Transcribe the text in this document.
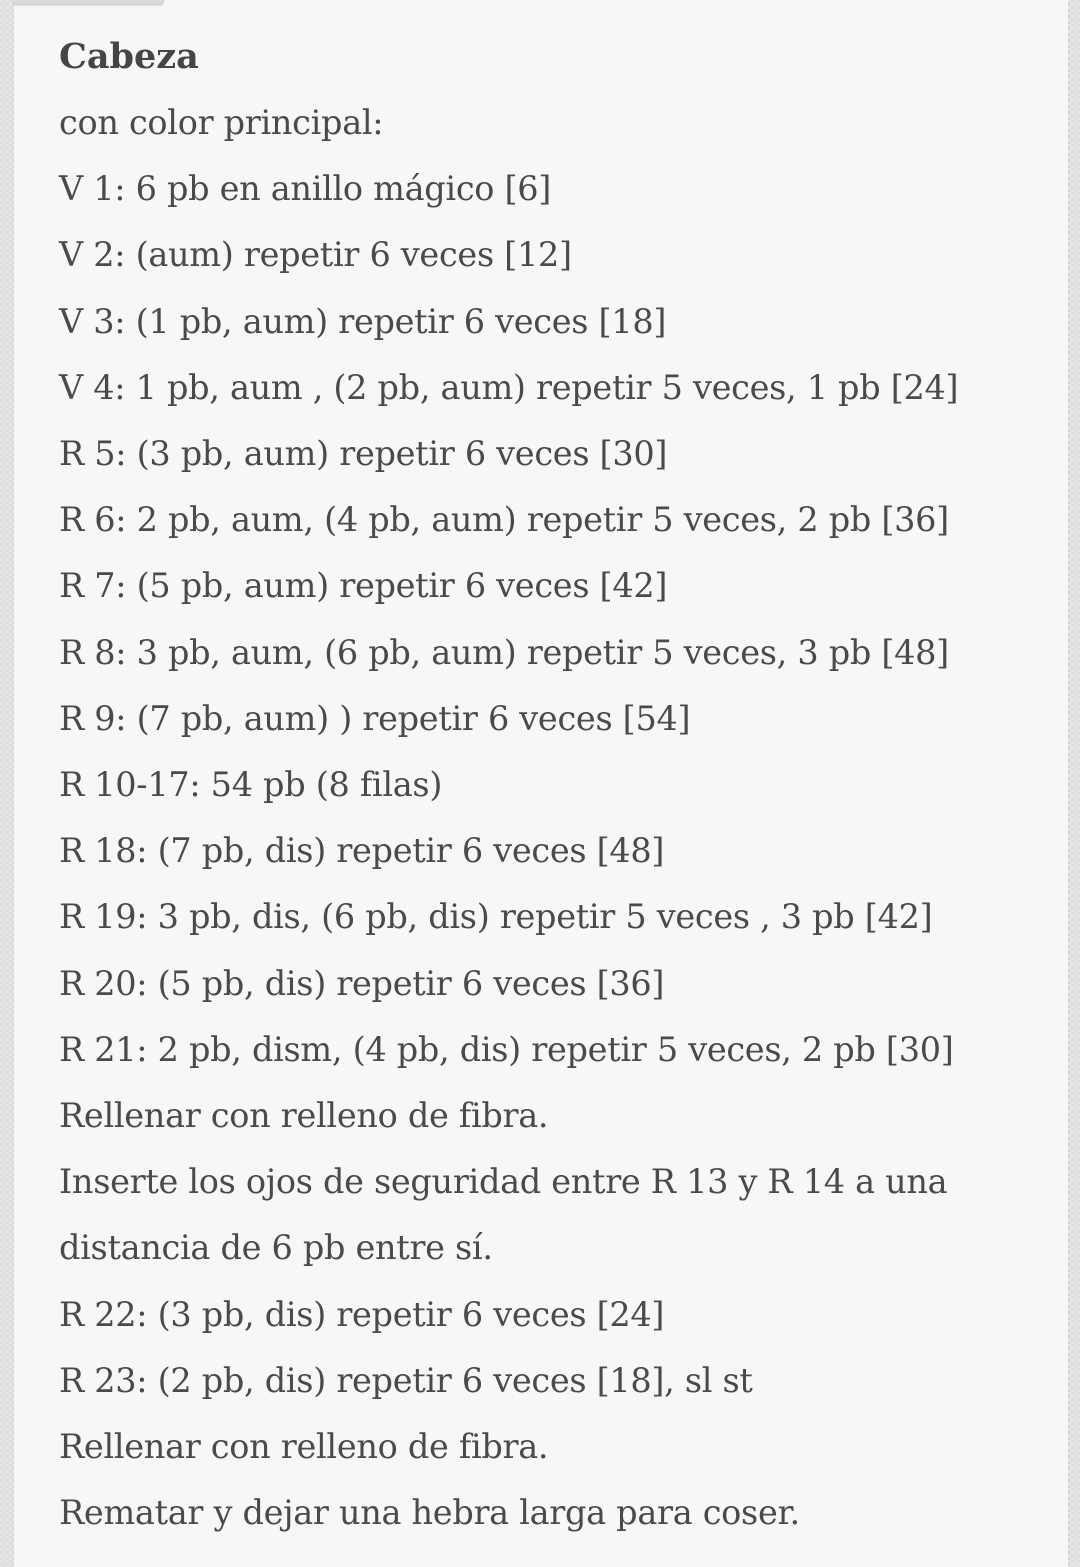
Cabeza
con color principal:
V 1: 6 pb en anillo mágico [6]
V 2: (aum) repetir 6 veces [12]
V 3: (1 pb, aum) repetir 6 veces [18]
V 4: 1 pb, aum , (2 pb, aum) repetir 5 veces, 1 pb [24]
R 5: (3 pb, aum) repetir 6 veces [30]
R 6: 2 pb, aum, (4 pb, aum) repetir 5 veces, 2 pb [36]
R 7: (5 pb, aum) repetir 6 veces [42]
R 8: 3 pb, aum, (6 pb, aum) repetir 5 veces, 3 pb [48]
R 9: (7 pb, aum) ) repetir 6 veces [54]
R 10-17: 54 pb (8 filas)
R 18: (7 pb, dis) repetir 6 veces [48]
R 19: 3 pb, dis, (6 pb, dis) repetir 5 veces , 3 pb [42]
R 20: (5 pb, dis) repetir 6 veces [36]
R 21: 2 pb, dism, (4 pb, dis) repetir 5 veces, 2 pb [30]
Rellenar con relleno de fibra.
Inserte los ojos de seguridad entre R 13 y R 14 a una
distancia de 6 pb entre sí.
R 22: (3 pb, dis) repetir 6 veces [24]
R 23: (2 pb, dis) repetir 6 veces [18], sl st
Rellenar con relleno de fibra.
Rematar y dejar una hebra larga para coser.
